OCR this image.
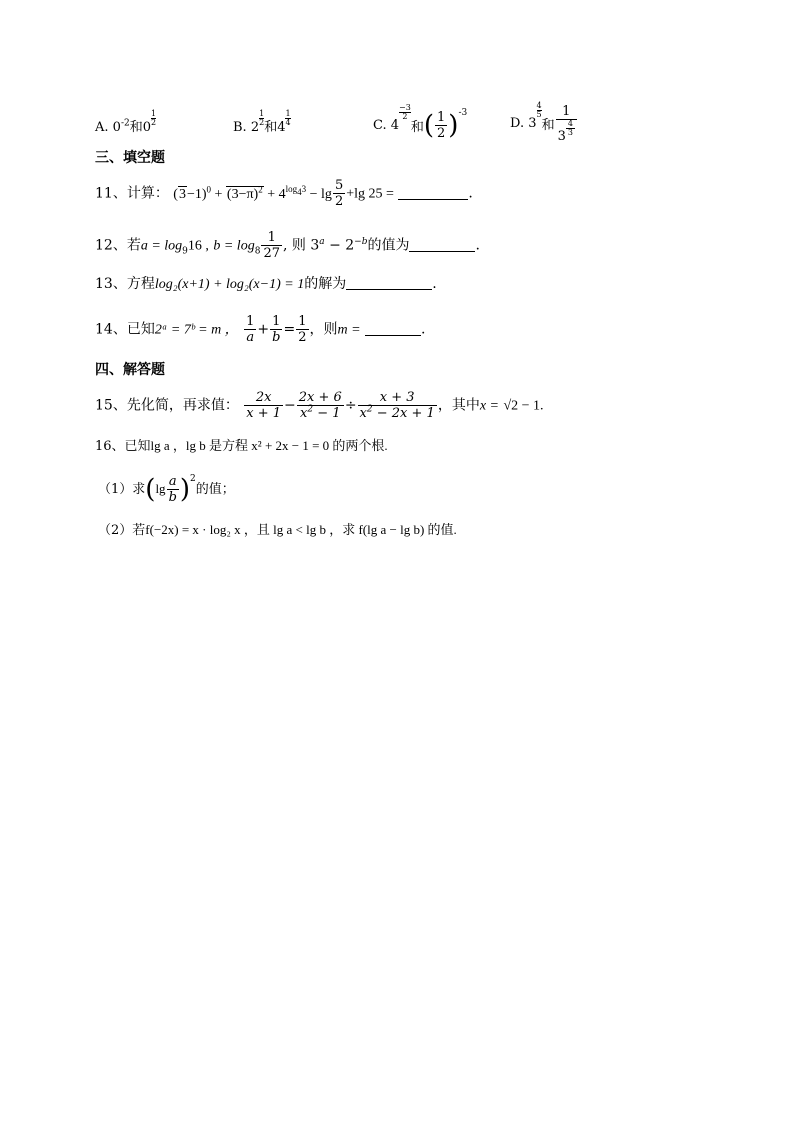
A. $0^{-2}$和0
$\frac{1}{2}$
B. 2
$\frac{1}{2}$
和4
$\frac{1}{4}$	C. 4
$\frac{-3}{2}$
和( $\frac{1}{2} )^{-3}$
D. 3
$\frac{4}{5}$
和 $\frac{1}{3 \frac{4}{3}}$
三、填空题
11、计算： $(3-1)^0 + (3-\pi)^2 + 4^{log_43} - \lg \frac{5}{2} +\lg$ 25 =	.
12、若$a = \log_916$ , $b = \log_8 \frac{1}{27}$ , 则 $3^a - 2^{-b}$的值为	.
13、方程log₂(x+1) + log₂(x−1) = 1的解为	.
14、已知2ᵃ = 7ᵇ = m ， $\frac{1}{a} + \frac{1}{b} = \frac{1}{2}$ ，则m =	.
四、解答题
15、先化简，再求值： $\frac{2x}{x + 1} - \frac{2x + 6}{x^2 - 1} \div \frac{x + 3}{x^2 - 2x + 1}$ ，其中x = √2 − 1.
16、已知lg a ，lg b 是方程 x² + 2x − 1 = 0 的两个根.
（1）求$(\lg \frac{a}{b} )^2$的值；
（2）若f(−2x) = x · log₂ x ，且 lg a < lg b ，求 f(lg a − lg b) 的值.
